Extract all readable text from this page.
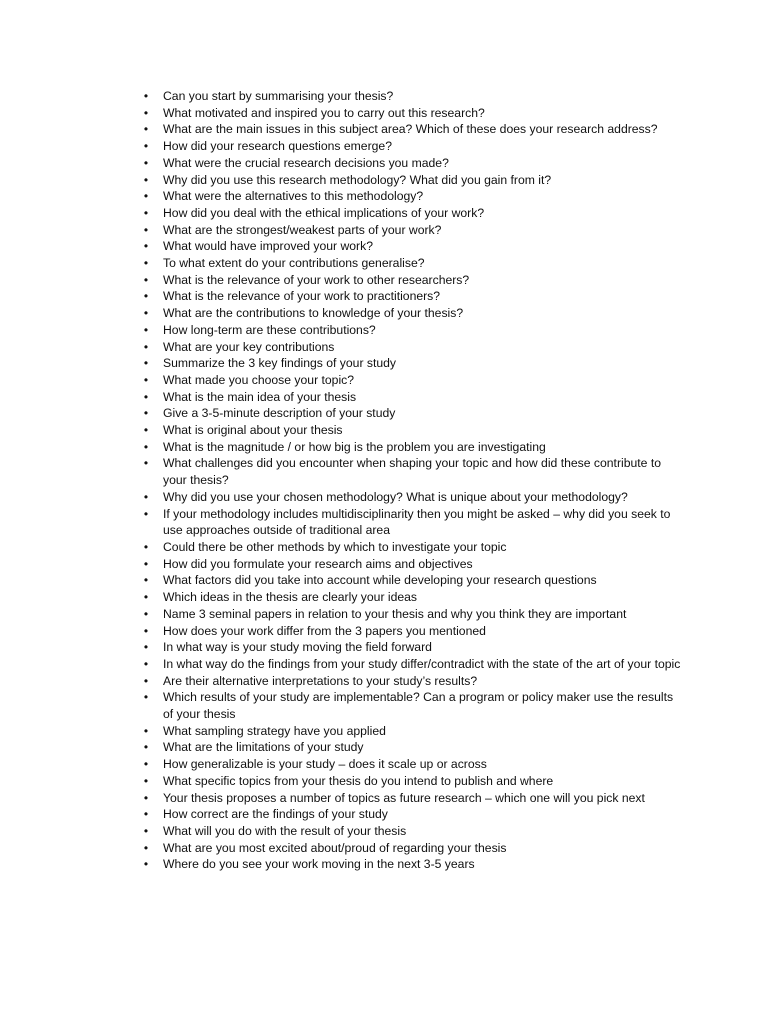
•	Can you start by summarising your thesis?
•	What motivated and inspired you to carry out this research?
•	What are the main issues in this subject area? Which of these does your research address?
•	How did your research questions emerge?
•	What were the crucial research decisions you made?
•	Why did you use this research methodology? What did you gain from it?
•	What were the alternatives to this methodology?
•	How did you deal with the ethical implications of your work?
•	What are the strongest/weakest parts of your work?
•	What would have improved your work?
•	To what extent do your contributions generalise?
•	What is the relevance of your work to other researchers?
•	What is the relevance of your work to practitioners?
•	What are the contributions to knowledge of your thesis?
•	How long-term are these contributions?
•	What are your key contributions
•	Summarize the 3 key findings of your study
•	What made you choose your topic?
•	What is the main idea of your thesis
•	Give a 3-5-minute description of your study
•	What is original about your thesis
•	What is the magnitude / or how big is the problem you are investigating
•	What challenges did you encounter when shaping your topic and how did these contribute to your thesis?
•	Why did you use your chosen methodology? What is unique about your methodology?
•	If your methodology includes multidisciplinarity then you might be asked – why did you seek to use approaches outside of traditional area
•	Could there be other methods by which to investigate your topic
•	How did you formulate your research aims and objectives
•	What factors did you take into account while developing your research questions
•	Which ideas in the thesis are clearly your ideas
•	Name 3 seminal papers in relation to your thesis and why you think they are important
•	How does your work differ from the 3 papers you mentioned
•	In what way is your study moving the field forward
•	In what way do the findings from your study differ/contradict with the state of the art of your topic
•	Are their alternative interpretations to your study’s results?
•	Which results of your study are implementable? Can a program or policy maker use the results of your thesis
•	What sampling strategy have you applied
•	What are the limitations of your study
•	How generalizable is your study – does it scale up or across
•	What specific topics from your thesis do you intend to publish and where
•	Your thesis proposes a number of topics as future research – which one will you pick next
•	How correct are the findings of your study
•	What will you do with the result of your thesis
•	What are you most excited about/proud of regarding your thesis
•	Where do you see your work moving in the next 3-5 years
